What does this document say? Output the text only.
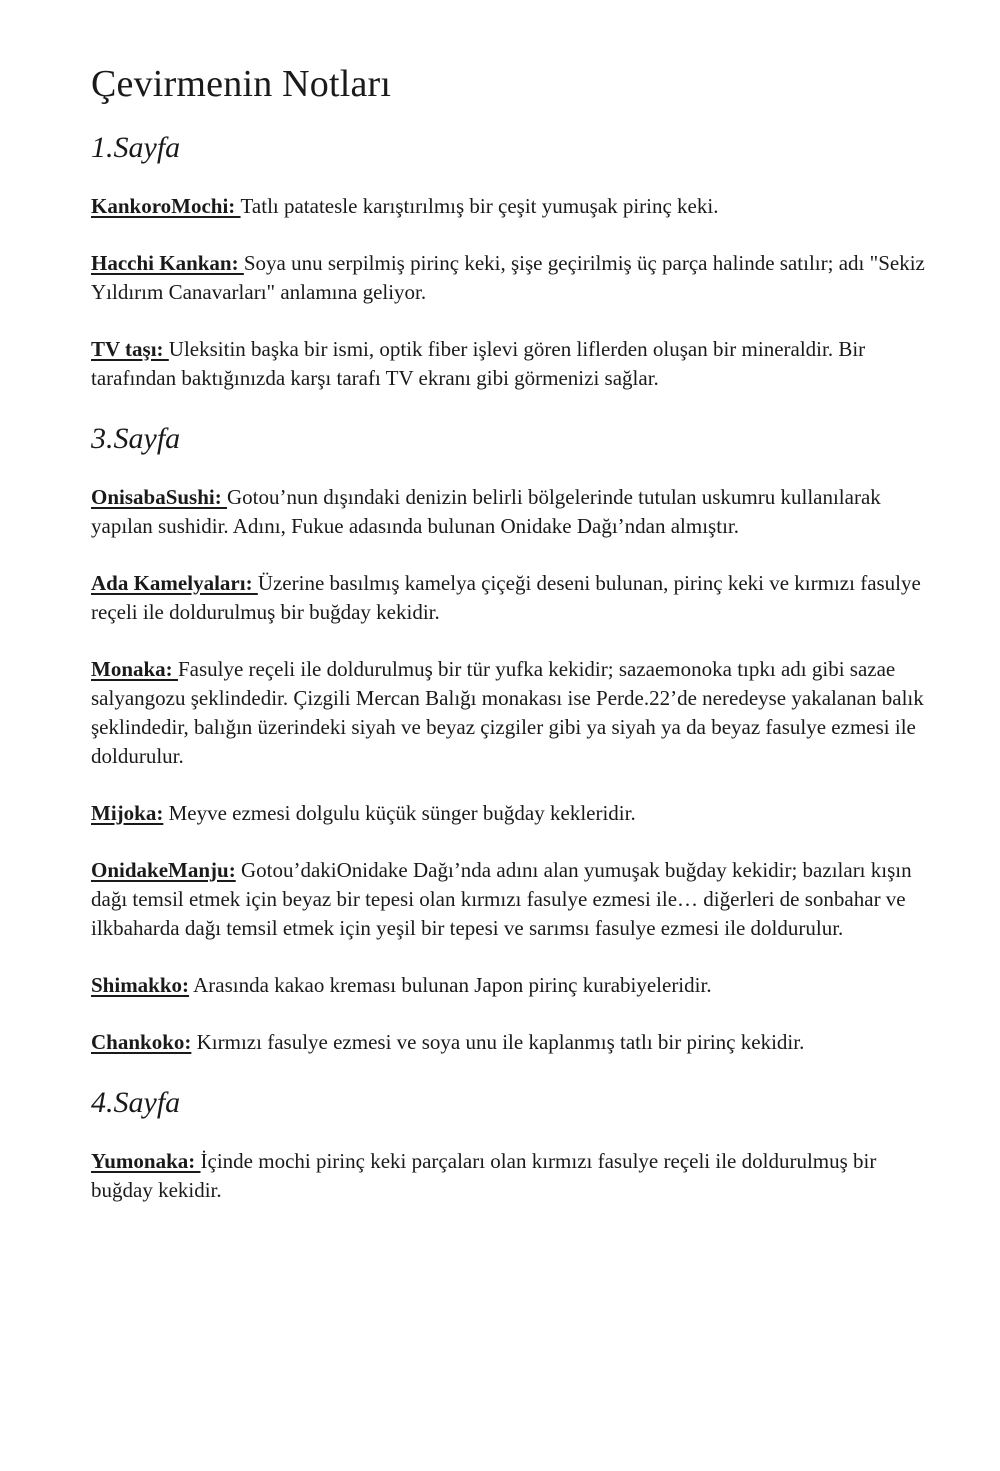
Çevirmenin Notları
1.Sayfa

KankoroMochi: Tatlı patatesle karıştırılmış bir çeşit yumuşak pirinç keki.

Hacchi Kankan: Soya unu serpilmiş pirinç keki, şişe geçirilmiş üç parça halinde satılır; adı "Sekiz Yıldırım Canavarları" anlamına geliyor.

TV taşı: Uleksitin başka bir ismi, optik fiber işlevi gören liflerden oluşan bir mineraldir. Bir tarafından baktığınızda karşı tarafı TV ekranı gibi görmenizi sağlar.

3.Sayfa

OnisabaSushi: Gotou’nun dışındaki denizin belirli bölgelerinde tutulan uskumru kullanılarak yapılan sushidir. Adını, Fukue adasında bulunan Onidake Dağı’ndan almıştır.

Ada Kamelyaları: Üzerine basılmış kamelya çiçeği deseni bulunan, pirinç keki ve kırmızı fasulye reçeli ile doldurulmuş bir buğday kekidir.

Monaka: Fasulye reçeli ile doldurulmuş bir tür yufka kekidir; sazaemonoka tıpkı adı gibi sazae salyangozu şeklindedir. Çizgili Mercan Balığı monakası ise Perde.22’de neredeyse yakalanan balık şeklindedir, balığın üzerindeki siyah ve beyaz çizgiler gibi ya siyah ya da beyaz fasulye ezmesi ile doldurulur.

Mijoka: Meyve ezmesi dolgulu küçük sünger buğday kekleridir.

OnidakeManju: Gotou’dakiOnidake Dağı’nda adını alan yumuşak buğday kekidir; bazıları kışın dağı temsil etmek için beyaz bir tepesi olan kırmızı fasulye ezmesi ile… diğerleri de sonbahar ve ilkbaharda dağı temsil etmek için yeşil bir tepesi ve sarımsı fasulye ezmesi ile doldurulur.

Shimakko: Arasında kakao kreması bulunan Japon pirinç kurabiyeleridir.

Chankoko: Kırmızı fasulye ezmesi ve soya unu ile kaplanmış tatlı bir pirinç kekidir.

4.Sayfa

Yumonaka: İçinde mochi pirinç keki parçaları olan kırmızı fasulye reçeli ile doldurulmuş bir buğday kekidir.
